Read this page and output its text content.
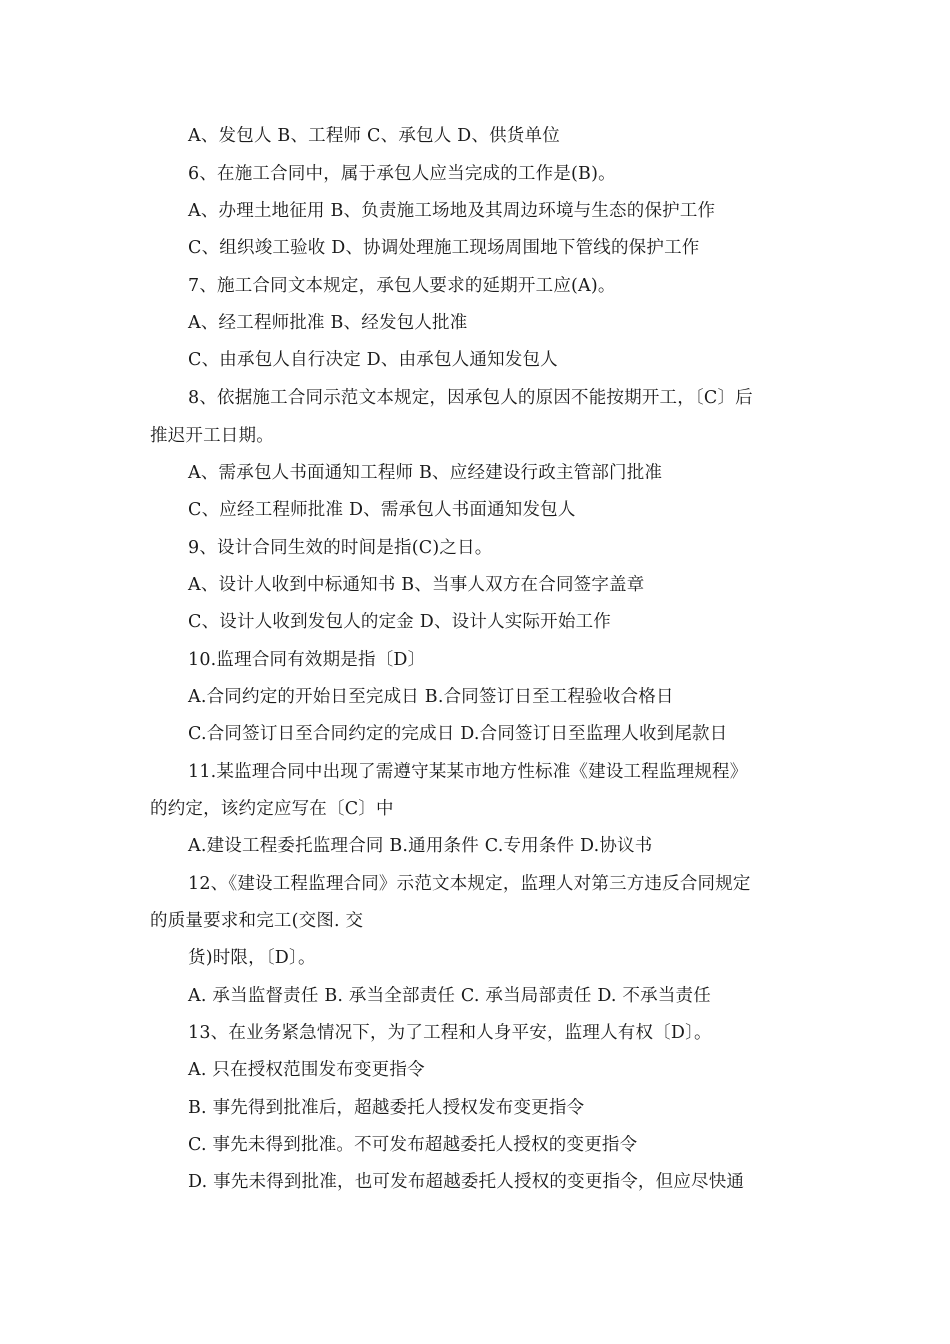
A、发包人 B、工程师 C、承包人 D、供货单位
6、在施工合同中，属于承包人应当完成的工作是(B)。
A、办理土地征用 B、负责施工场地及其周边环境与生态的保护工作
C、组织竣工验收 D、协调处理施工现场周围地下管线的保护工作
7、施工合同文本规定，承包人要求的延期开工应(A)。
A、经工程师批准 B、经发包人批准
C、由承包人自行决定 D、由承包人通知发包人
8、依据施工合同示范文本规定，因承包人的原因不能按期开工，〔C〕后
推迟开工日期。
A、需承包人书面通知工程师 B、应经建设行政主管部门批准
C、应经工程师批准 D、需承包人书面通知发包人
9、设计合同生效的时间是指(C)之日。
A、设计人收到中标通知书 B、当事人双方在合同签字盖章
C、设计人收到发包人的定金 D、设计人实际开始工作
10.监理合同有效期是指〔D〕
A.合同约定的开始日至完成日 B.合同签订日至工程验收合格日
C.合同签订日至合同约定的完成日 D.合同签订日至监理人收到尾款日
11.某监理合同中出现了需遵守某某市地方性标准《建设工程监理规程》
的约定，该约定应写在〔C〕中
A.建设工程委托监理合同 B.通用条件 C.专用条件 D.协议书
12、《建设工程监理合同》示范文本规定，监理人对第三方违反合同规定
的质量要求和完工(交图. 交
货)时限，〔D〕。
A. 承当监督责任 B. 承当全部责任 C. 承当局部责任 D. 不承当责任
13、在业务紧急情况下，为了工程和人身平安，监理人有权〔D〕。
A. 只在授权范围发布变更指令
B. 事先得到批准后，超越委托人授权发布变更指令
C. 事先未得到批准。不可发布超越委托人授权的变更指令
D. 事先未得到批准，也可发布超越委托人授权的变更指令，但应尽快通
